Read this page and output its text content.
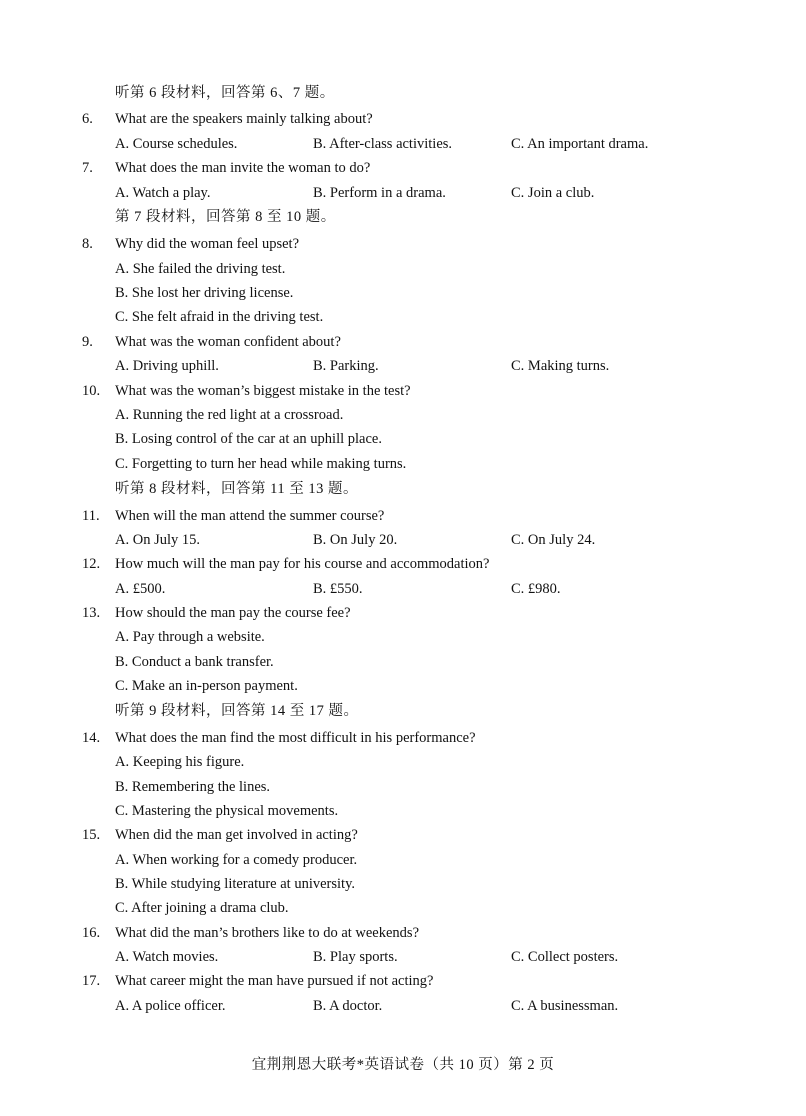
听第 6 段材料，回答第 6、7 题。
6. What are the speakers mainly talking about?
A. Course schedules.	B. After-class activities.	C. An important drama.
7. What does the man invite the woman to do?
A. Watch a play.	B. Perform in a drama.	C. Join a club.
第 7 段材料，回答第 8 至 10 题。
8. Why did the woman feel upset?
A. She failed the driving test.
B. She lost her driving license.
C. She felt afraid in the driving test.
9. What was the woman confident about?
A. Driving uphill.	B. Parking.	C. Making turns.
10. What was the woman’s biggest mistake in the test?
A. Running the red light at a crossroad.
B. Losing control of the car at an uphill place.
C. Forgetting to turn her head while making turns.
听第 8 段材料，回答第 11 至 13 题。
11. When will the man attend the summer course?
A. On July 15.	B. On July 20.	C. On July 24.
12. How much will the man pay for his course and accommodation?
A. £500.	B. £550.	C. £980.
13. How should the man pay the course fee?
A. Pay through a website.
B. Conduct a bank transfer.
C. Make an in-person payment.
听第 9 段材料，回答第 14 至 17 题。
14. What does the man find the most difficult in his performance?
A. Keeping his figure.
B. Remembering the lines.
C. Mastering the physical movements.
15. When did the man get involved in acting?
A. When working for a comedy producer.
B. While studying literature at university.
C. After joining a drama club.
16. What did the man’s brothers like to do at weekends?
A. Watch movies.	B. Play sports.	C. Collect posters.
17. What career might the man have pursued if not acting?
A. A police officer.	B. A doctor.	C. A businessman.
宜荆荆恩大联考*英语试卷（共 10 页）第 2 页
